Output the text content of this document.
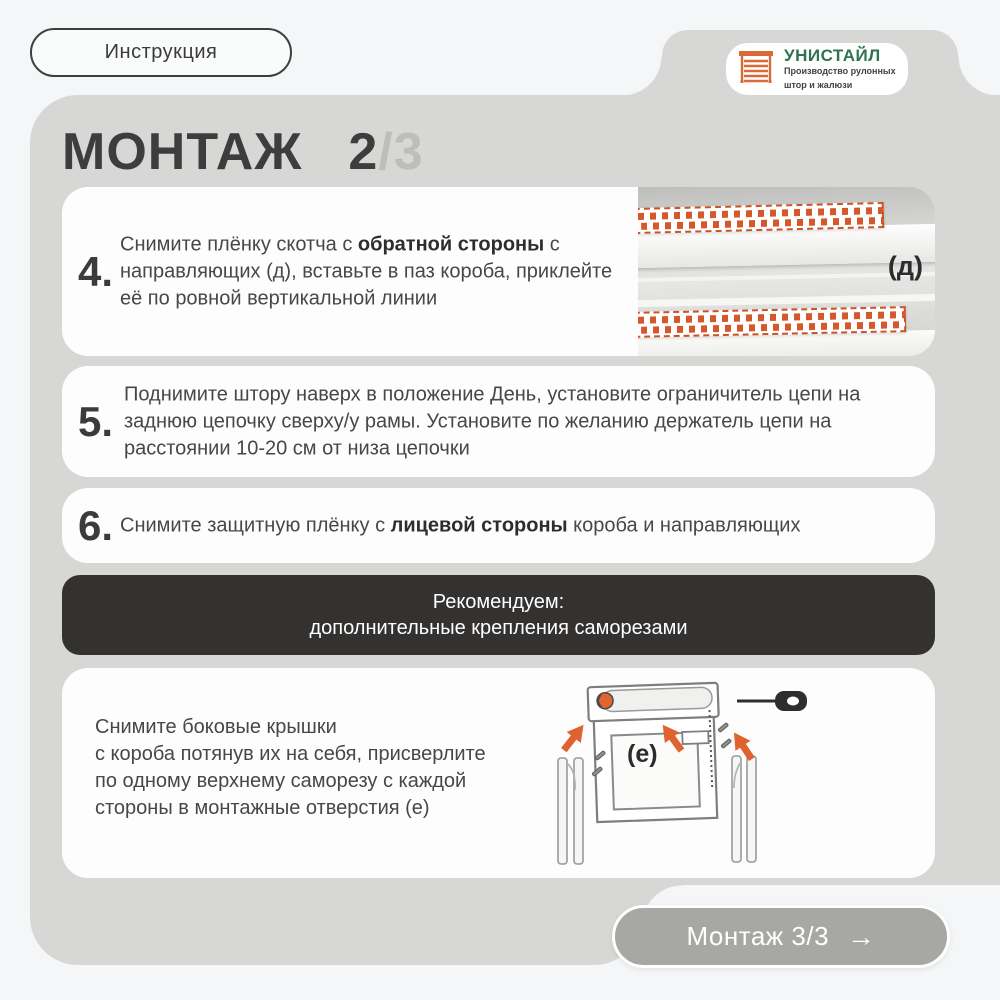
Инструкция	УНИСТАЙЛ
Производство рулонных
штор и жалюзи
МОНТАЖ 2/3
4.
Снимите плёнку скотча с обратной стороны с направляющих (д), вставьте в паз короба, приклейте её по ровной вертикальной линии
(д)
5.
Поднимите штору наверх в положение День, установите ограничитель цепи на заднюю цепочку сверху/у рамы. Установите по желанию держатель цепи на расстоянии 10-20 см от низа цепочки
6. Снимите защитную плёнку с лицевой стороны короба и направляющих
Рекомендуем:
дополнительные крепления саморезами
Снимите боковые крышки
с короба потянув их на себя, присверлите
по одному верхнему саморезу с каждой
стороны в монтажные отверстия (е)
(e)
Монтаж 3/3 →
